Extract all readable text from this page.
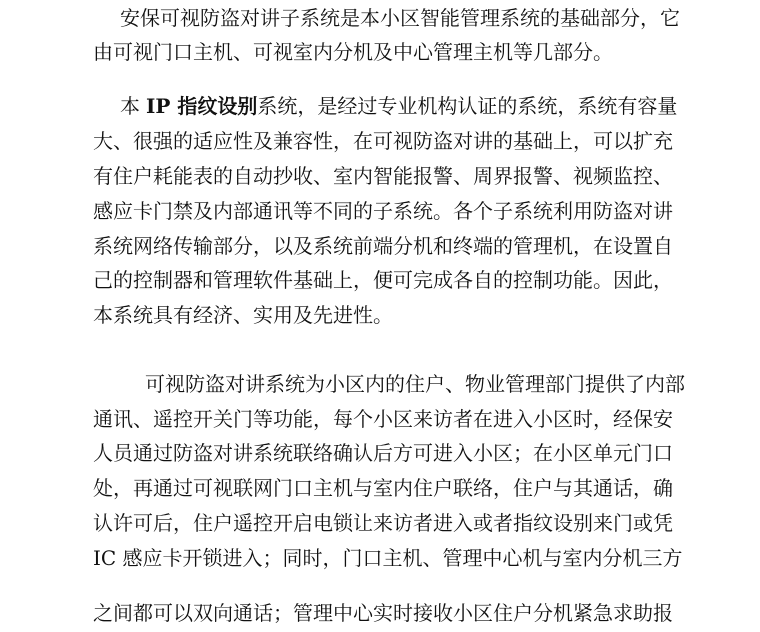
安保可视防盗对讲子系统是本小区智能管理系统的基础部分，它
由可视门口主机、可视室内分机及中心管理主机等几部分。
本 IP 指纹设别 系统，是经过专业机构认证的系统，系统有容量
大、很强的适应性及兼容性，在可视防盗对讲的基础上，可以扩充
有住户耗能表的自动抄收、室内智能报警、周界报警、视频监控、
感应卡门禁及内部通讯等不同的子系统。各个子系统利用防盗对讲
系统网络传输部分，以及系统前端分机和终端的管理机，在设置自
己的控制器和管理软件基础上，便可完成各自的控制功能。因此，
本系统具有经济、实用及先进性。
可视防盗对讲系统为小区内的住户、物业管理部门提供了内部
通讯、遥控开关门等功能，每个小区来访者在进入小区时，经保安
人员通过防盗对讲系统联络确认后方可进入小区；在小区单元门口
处，再通过可视联网门口主机与室内住户联络，住户与其通话，确
认许可后，住户遥控开启电锁让来访者进入或者指纹设别来门或凭
IC 感应卡开锁进入；同时，门口主机、管理中心机与室内分机三方
之间都可以双向通话；管理中心实时接收小区住户分机紧急求助报
